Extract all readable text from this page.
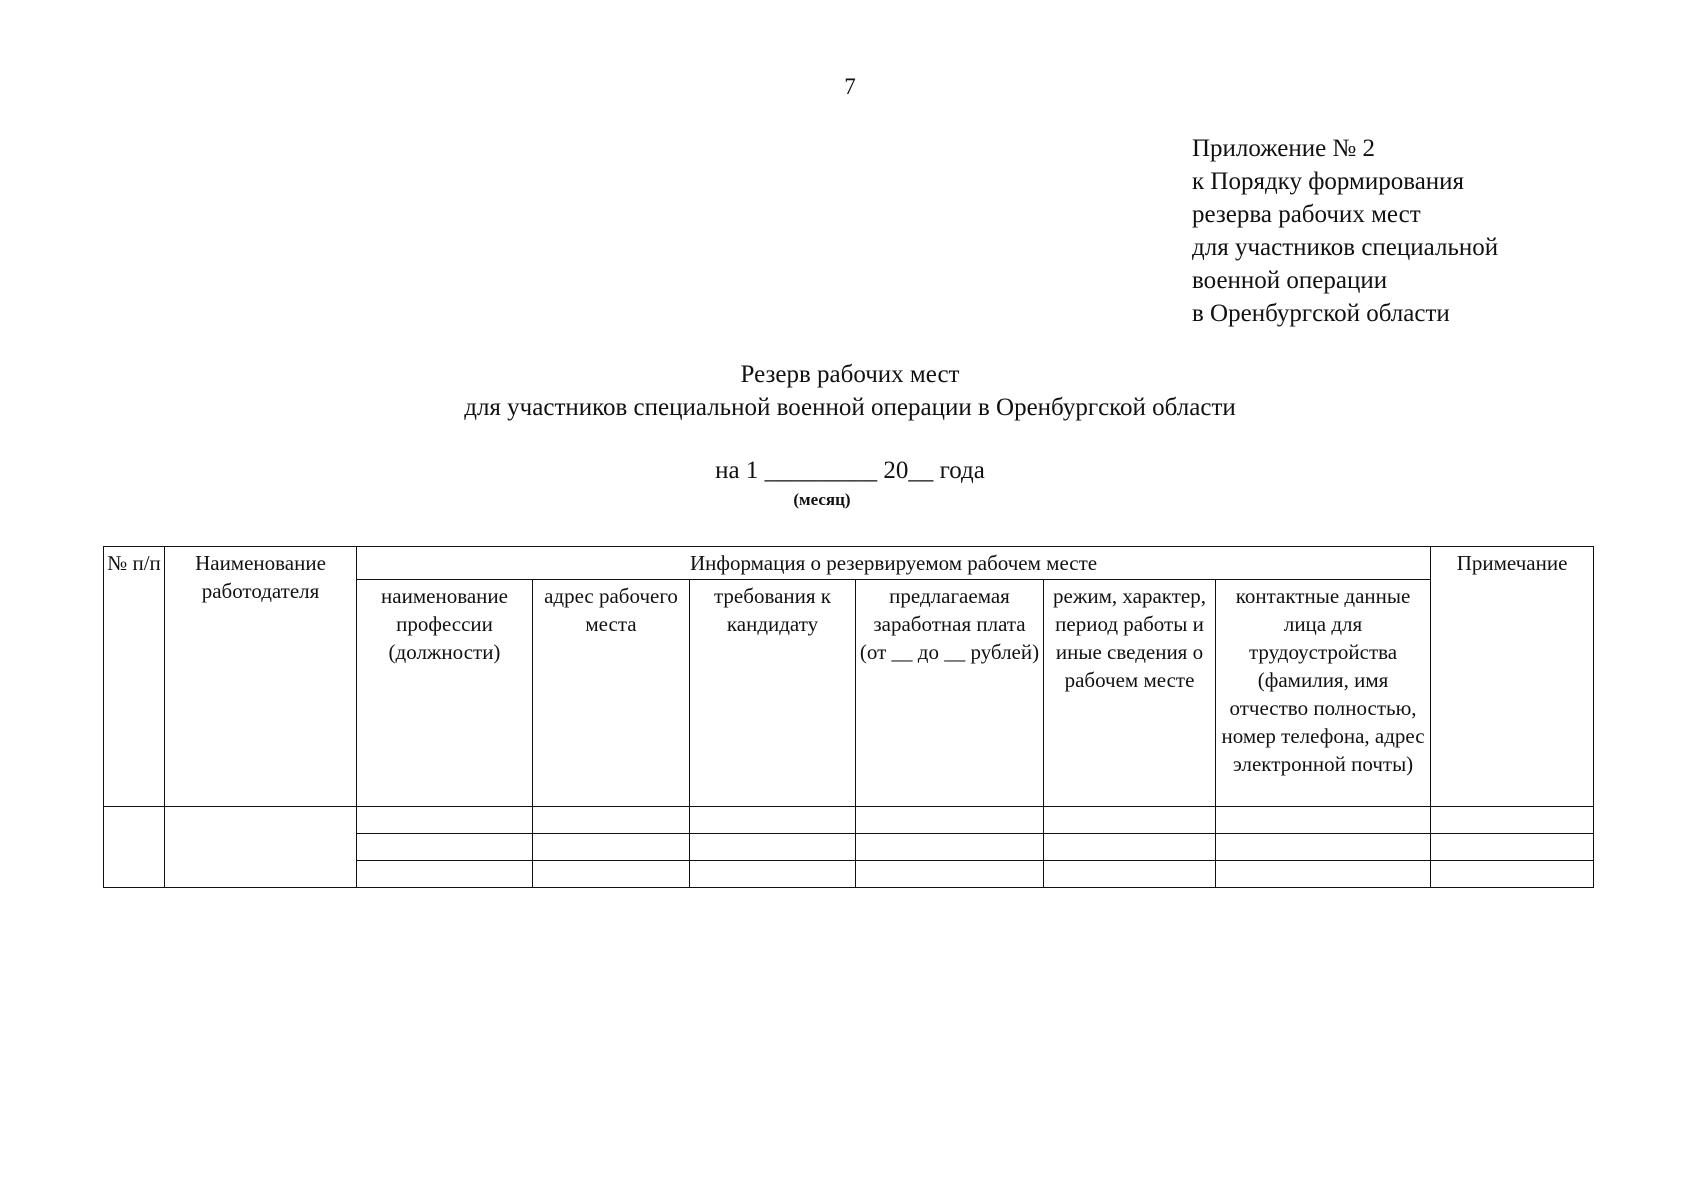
7
Приложение № 2
к Порядку формирования
резерва рабочих мест
для участников специальной
военной операции
в Оренбургской области
Резерв рабочих мест
для участников специальной военной операции в Оренбургской области
на 1 _________ 20__ года
(месяц)
№ п/п	Наименование работодателя	Информация о резервируемом рабочем месте						Примечание
		наименование профессии (должности)	адрес рабочего места	требования к кандидату	предлагаемая заработная плата (от __ до __ рублей)	режим, характер, период работы и иные сведения о рабочем месте	контактные данные лица для трудоустройства (фамилия, имя отчество полностью, номер телефона, адрес электронной почты)	
